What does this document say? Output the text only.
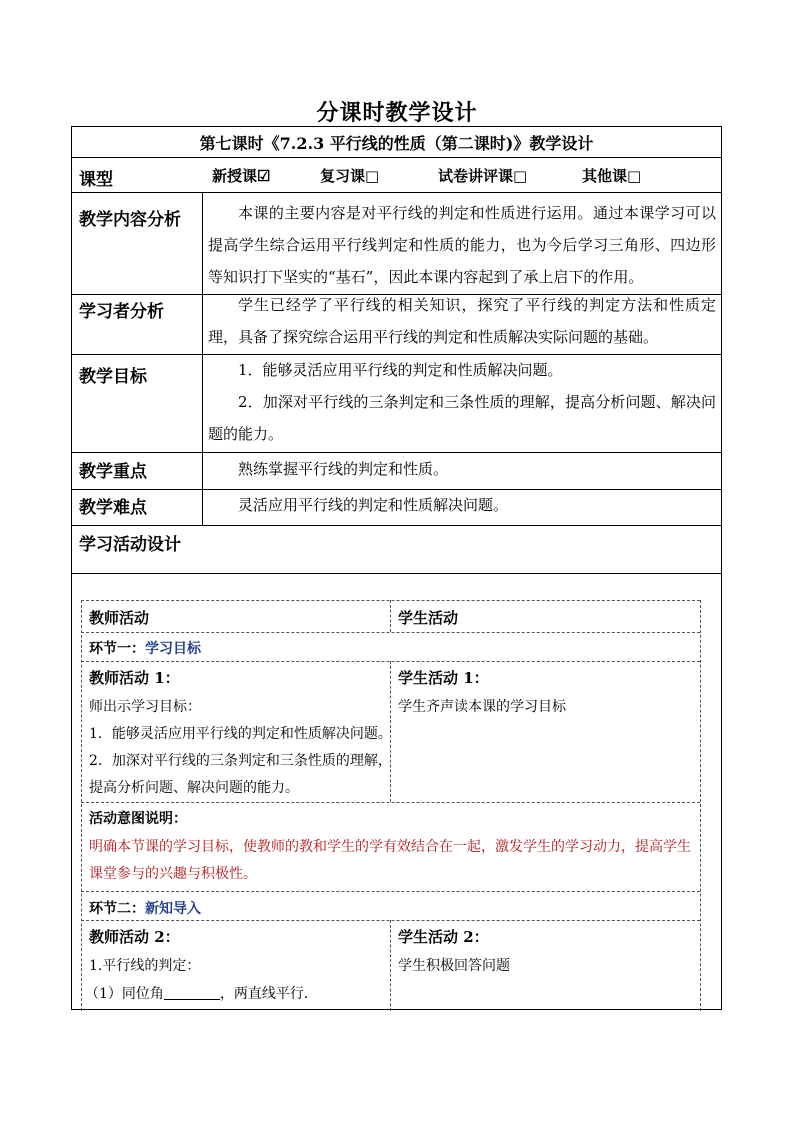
分课时教学设计
第七课时《7.2.3 平行线的性质（第二课时)》教学设计
课型	新授课☑	复习课□	试卷讲评课□	其他课□
教学内容分析	本课的主要内容是对平行线的判定和性质进行运用。通过本课学习可以提高学生综合运用平行线判定和性质的能力，也为今后学习三角形、四边形等知识打下坚实的“基石”，因此本课内容起到了承上启下的作用。

学习者分析	学生已经学了平行线的相关知识，探究了平行线的判定方法和性质定理，具备了探究综合运用平行线的判定和性质解决实际问题的基础。

教学目标	1．能够灵活应用平行线的判定和性质解决问题。

2．加深对平行线的三条判定和三条性质的理解，提高分析问题、解决问题的能力。

教学重点	熟练掌握平行线的判定和性质。

教学难点	灵活应用平行线的判定和性质解决问题。

学习活动设计
教师活动	学生活动
环节一：学习目标
教师活动 1：
师出示学习目标：
1．能够灵活应用平行线的判定和性质解决问题。
2．加深对平行线的三条判定和三条性质的理解，
提高分析问题、解决问题的能力。
学生活动 1：
学生齐声读本课的学习目标
活动意图说明：
明确本节课的学习目标，使教师的教和学生的学有效结合在一起，激发学生的学习动力，提高学生
课堂参与的兴趣与积极性。
环节二：新知导入
教师活动 2：
1.平行线的判定：
（1）同位角	，两直线平行．
学生活动 2：
学生积极回答问题
